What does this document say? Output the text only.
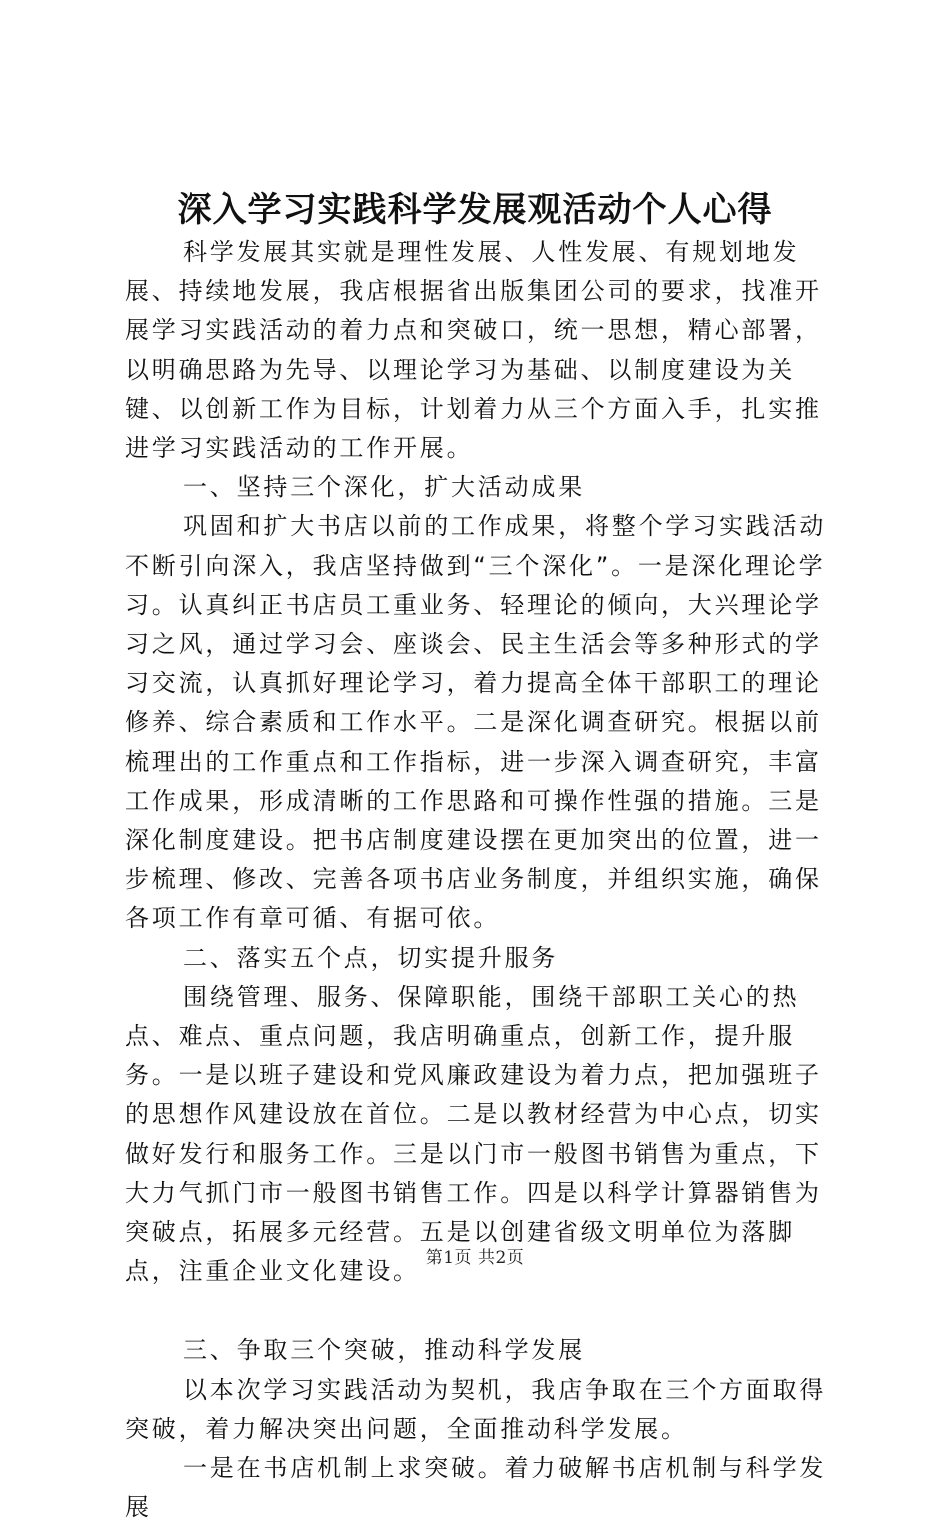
深入学习实践科学发展观活动个人心得

科学发展其实就是理性发展、人性发展、有规划地发展、持续地发展，我店根据省出版集团公司的要求，找准开展学习实践活动的着力点和突破口，统一思想，精心部署，以明确思路为先导、以理论学习为基础、以制度建设为关键、以创新工作为目标，计划着力从三个方面入手，扎实推进学习实践活动的工作开展。

一、坚持三个深化，扩大活动成果

巩固和扩大书店以前的工作成果，将整个学习实践活动不断引向深入，我店坚持做到“三个深化”。一是深化理论学习。认真纠正书店员工重业务、轻理论的倾向，大兴理论学习之风，通过学习会、座谈会、民主生活会等多种形式的学习交流，认真抓好理论学习，着力提高全体干部职工的理论修养、综合素质和工作水平。二是深化调查研究。根据以前梳理出的工作重点和工作指标，进一步深入调查研究，丰富工作成果，形成清晰的工作思路和可操作性强的措施。三是深化制度建设。把书店制度建设摆在更加突出的位置，进一步梳理、修改、完善各项书店业务制度，并组织实施，确保各项工作有章可循、有据可依。

二、落实五个点，切实提升服务

围绕管理、服务、保障职能，围绕干部职工关心的热点、难点、重点问题，我店明确重点，创新工作，提升服务。一是以班子建设和党风廉政建设为着力点，把加强班子的思想作风建设放在首位。二是以教材经营为中心点，切实做好发行和服务工作。三是以门市一般图书销售为重点，下大力气抓门市一般图书销售工作。四是以科学计算器销售为突破点，拓展多元经营。五是以创建省级文明单位为落脚点，注重企业文化建设。

三、争取三个突破，推动科学发展

以本次学习实践活动为契机，我店争取在三个方面取得突破，着力解决突出问题，全面推动科学发展。

一是在书店机制上求突破。着力破解书店机制与科学发展

第1页 共2页
